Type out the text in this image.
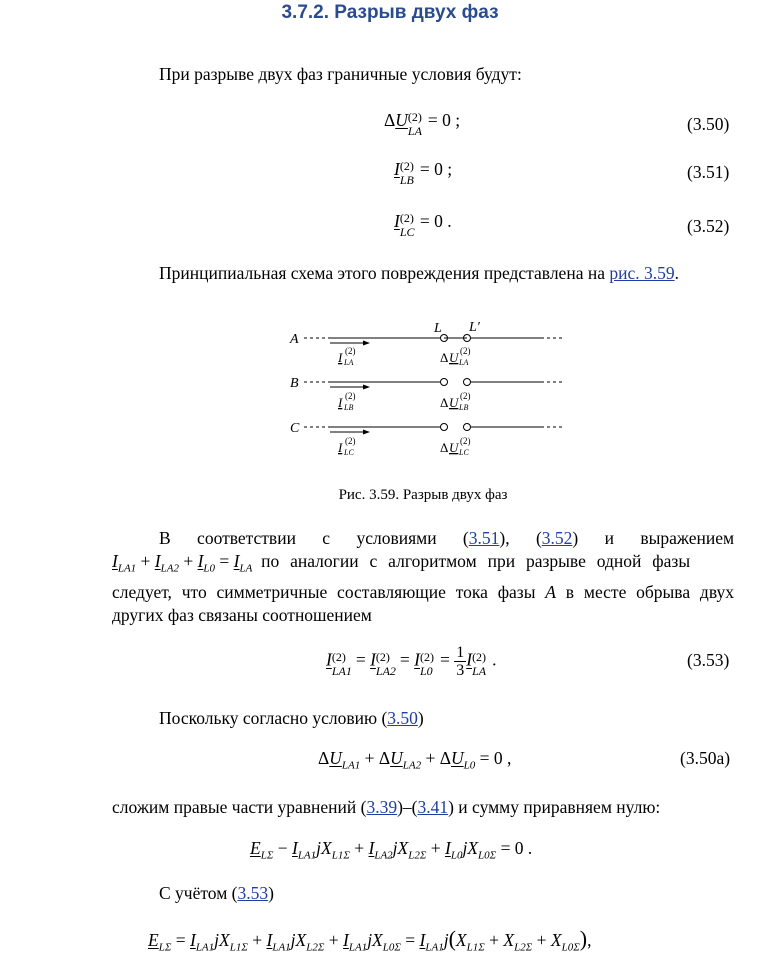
3.7.2. Разрыв двух фаз
При разрыве двух фаз граничные условия будут:
ΔU (2)
LA
= 0 ;	(3.50)
I (2)
LB
= 0 ;	(3.51)
I (2)
LC
= 0 .	(3.52)
Принципиальная схема этого повреждения представлена на рис. 3.59.
A
B
C
L L′
I (2)
LA
I (2)
LB
I (2)
LC
Δ U (2)
LA
Δ U (2)
LB
Δ U (2)
LC
Рис. 3.59. Разрыв двух фаз
В соответствии с условиями (3.51), (3.52) и выражением
$I_{LA1} + I_{LA2} + I_{L0} = I_{LA}$ по аналогии с алгоритмом при разрыве одной фазы
следует, что симметричные составляющие тока фазы A в месте обрыва двух
других фаз связаны соотношением
I (2)
LA1
= I (2)
LA2
= I (2)
L0
= $\frac{1}{3}$ I (2)
LA
.	(3.53)
Поскольку согласно условию (3.50)
$\Delta U_{LA1} + \Delta U_{LA2} + \Delta U_{L0} = 0$ ,	(3.50а)
сложим правые части уравнений (3.39)–(3.41) и сумму приравняем нулю:
$E_{L\Sigma} - I_{LA1}jX_{L1\Sigma} + I_{LA2}jX_{L2\Sigma} + I_{L0}jX_{L0\Sigma} = 0$ .
С учётом (3.53)
$E_{L\Sigma} = I_{LA1}jX_{L1\Sigma} + I_{LA1}jX_{L2\Sigma} + I_{LA1}jX_{L0\Sigma} = I_{LA1}j(X_{L1\Sigma} + X_{L2\Sigma} + X_{L0\Sigma})$,
